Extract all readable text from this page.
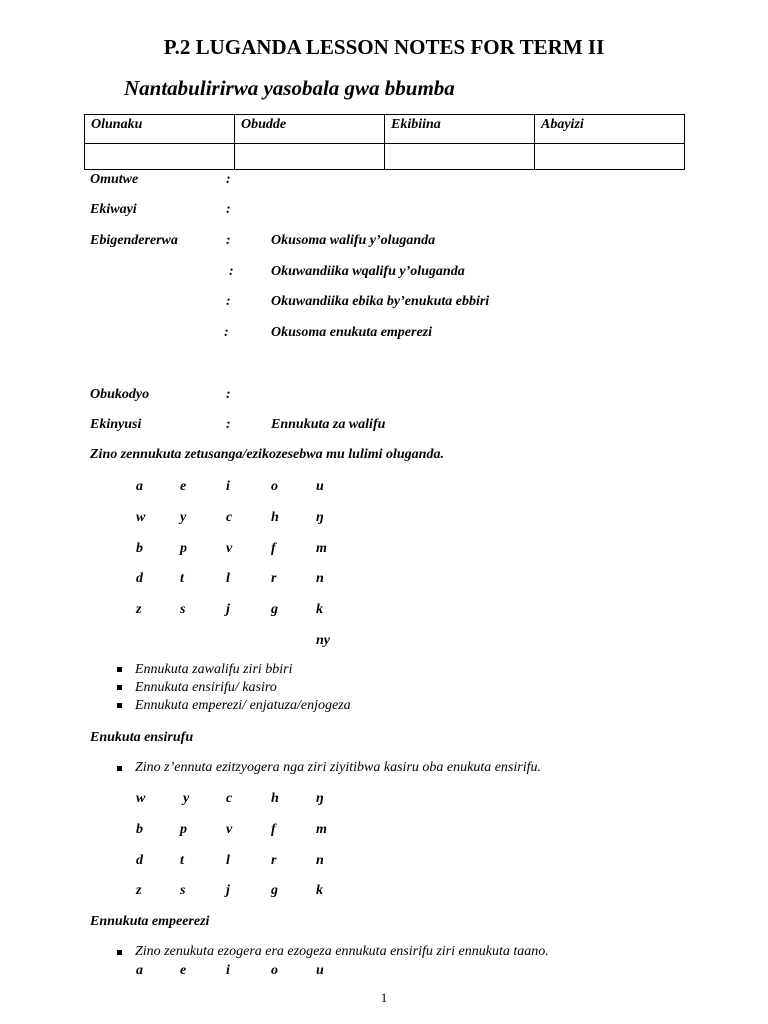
P.2 LUGANDA LESSON NOTES FOR TERM II
Nantabulirirwa yasobala gwa bbumba
Olunaku	Obudde	Ekibiina	Abayizi

Omutwe	:
Ekiwayi	:
Ebigendererwa	:	Okusoma walifu y’oluganda
:	Okuwandiika wqalifu y’oluganda
:	Okuwandiika ebika by’enukuta ebbiri
:	Okusoma enukuta emperezi
Obukodyo	:
Ekinyusi	:	Ennukuta za walifu
Zino zennukuta zetusanga/ezikozesebwa mu lulimi oluganda.
a	e	i	o	u
w y	c	h	ŋ
b	p	v	f	m
d	t	l	r	n
z	s	j	g	k
ny
Ennukuta zawalifu ziri bbiri
Ennukuta ensirifu/ kasiro
Ennukuta emperezi/ enjatuza/enjogeza
Enukuta ensirufu
Zino z’ennuta ezitzyogera nga ziri ziyitibwa kasiru oba enukuta ensirifu.
w	y	c	h	ŋ
b	p	v	f	m
d	t	l	r	n
z	s	j	g	k
Ennukuta empeerezi
Zino zenukuta ezogera era ezogeza ennukuta ensirifu ziri ennukuta taano.
a	e	i	o	u
1
